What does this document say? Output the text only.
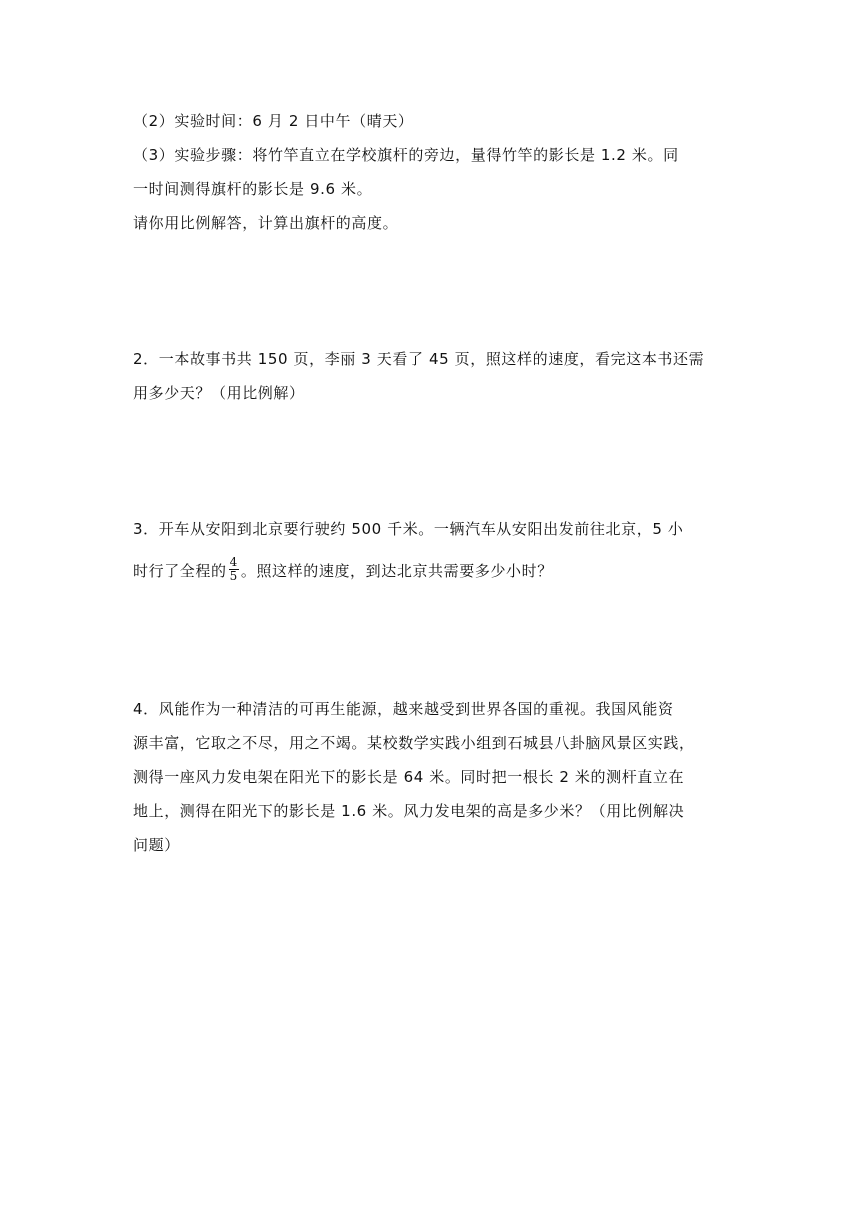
（2）实验时间：6 月 2 日中午（晴天）
（3）实验步骤：将竹竿直立在学校旗杆的旁边，量得竹竿的影长是 1.2 米。同
一时间测得旗杆的影长是 9.6 米。
请你用比例解答，计算出旗杆的高度。
2．一本故事书共 150 页，李丽 3 天看了 45 页，照这样的速度，看完这本书还需
用多少天？（用比例解）
3．开车从安阳到北京要行驶约 500 千米。一辆汽车从安阳出发前往北京，5 小
时行了全程的 $\frac{4}{5}$ 。照这样的速度，到达北京共需要多少小时？
4．风能作为一种清洁的可再生能源，越来越受到世界各国的重视。我国风能资
源丰富，它取之不尽，用之不竭。某校数学实践小组到石城县八卦脑风景区实践，
测得一座风力发电架在阳光下的影长是 64 米。同时把一根长 2 米的测杆直立在
地上，测得在阳光下的影长是 1.6 米。风力发电架的高是多少米？（用比例解决
问题）
